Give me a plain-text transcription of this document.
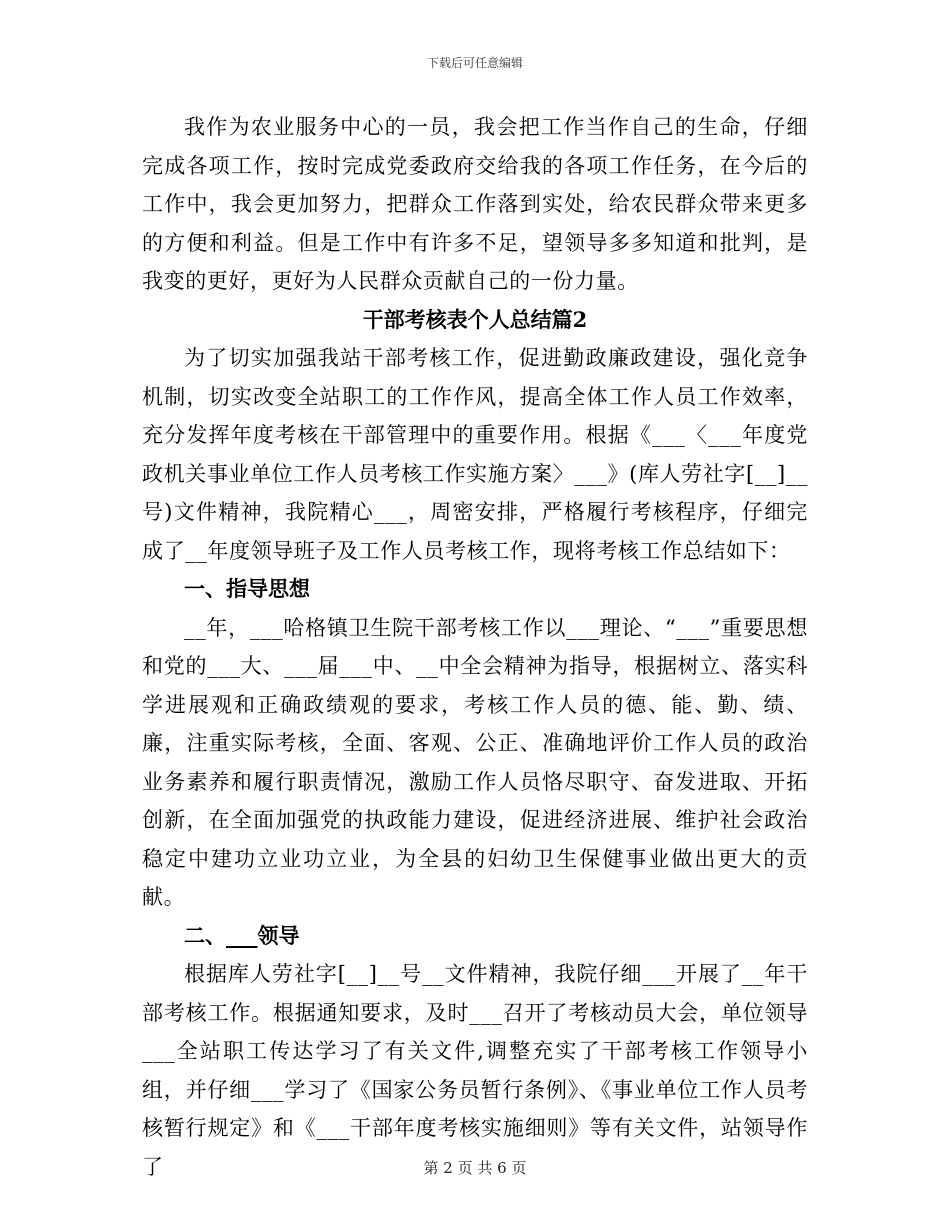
下载后可任意编辑

我作为农业服务中心的一员，我会把工作当作自己的生命，仔细完成各项工作，按时完成党委政府交给我的各项工作任务，在今后的工作中，我会更加努力，把群众工作落到实处，给农民群众带来更多的方便和利益。但是工作中有许多不足，望领导多多知道和批判，是我变的更好，更好为人民群众贡献自己的一份力量。

干部考核表个人总结篇2

为了切实加强我站干部考核工作，促进勤政廉政建设，强化竞争机制，切实改变全站职工的工作作风，提高全体工作人员工作效率，充分发挥年度考核在干部管理中的重要作用。根据《___〈___年度党政机关事业单位工作人员考核工作实施方案〉___》(库人劳社字[__]__号)文件精神，我院精心___，周密安排，严格履行考核程序，仔细完成了__年度领导班子及工作人员考核工作，现将考核工作总结如下：

一、指导思想

__年，___哈格镇卫生院干部考核工作以___理论、“___”重要思想和党的___大、___届___中、__中全会精神为指导，根据树立、落实科学进展观和正确政绩观的要求，考核工作人员的德、能、勤、绩、廉，注重实际考核，全面、客观、公正、准确地评价工作人员的政治业务素养和履行职责情况，激励工作人员恪尽职守、奋发进取、开拓创新，在全面加强党的执政能力建设，促进经济进展、维护社会政治稳定中建功立业功立业，为全县的妇幼卫生保健事业做出更大的贡献。

二、___领导

根据库人劳社字[__]__号__文件精神，我院仔细___开展了__年干部考核工作。根据通知要求，及时___召开了考核动员大会，单位领导___全站职工传达学习了有关文件,调整充实了干部考核工作领导小组，并仔细___学习了《国家公务员暂行条例》、《事业单位工作人员考核暂行规定》和《___干部年度考核实施细则》等有关文件，站领导作了	第 2 页 共 6 页
